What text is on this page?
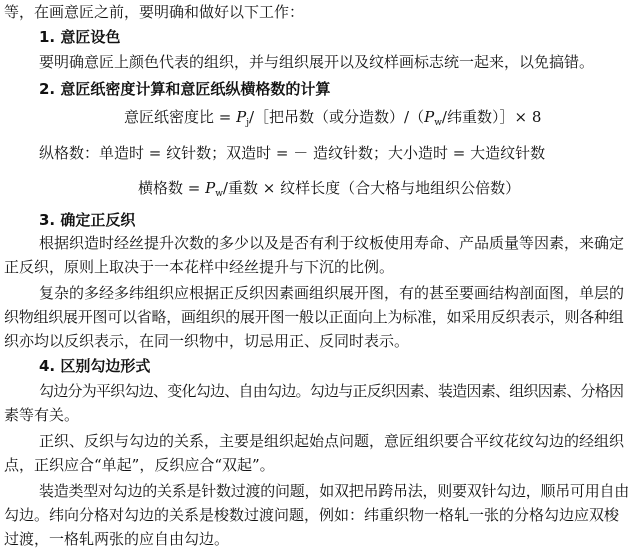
等，在画意匠之前，要明确和做好以下工作：
1. 意匠设色
要明确意匠上颜色代表的组织，并与组织展开以及纹样画标志统一起来，以免搞错。
2. 意匠纸密度计算和意匠纸纵横格数的计算
意匠纸密度比 = $P_j/[$把吊数（或分造数）$/(P_w/$纬重数）］× 8
纵格数：单造时 = 纹针数；双造时 = － 造纹针数；大小造时 = 大造纹针数
横格数 = $P_w/$重数 × 纹样长度（合大格与地组织公倍数）
3. 确定正反织
根据织造时经丝提升次数的多少以及是否有利于纹板使用寿命、产品质量等因素，来确定
正反织，原则上取决于一本花样中经丝提升与下沉的比例。
复杂的多经多纬组织应根据正反织因素画组织展开图，有的甚至要画结构剖面图，单层的
织物组织展开图可以省略，画组织的展开图一般以正面向上为标准，如采用反织表示，则各种组
织亦均以反织表示，在同一织物中，切忌用正、反同时表示。
4. 区别勾边形式
勾边分为平织勾边、变化勾边、自由勾边。勾边与正反织因素、装造因素、组织因素、分格因
素等有关。
正织、反织与勾边的关系，主要是组织起始点问题，意匠组织要合平纹花纹勾边的经组织
点，正织应合“单起”，反织应合“双起”。
装造类型对勾边的关系是针数过渡的问题，如双把吊跨吊法，则要双针勾边，顺吊可用自由
勾边。纬向分格对勾边的关系是梭数过渡问题，例如：纬重织物一格轧一张的分格勾边应双梭
过渡，一格轧两张的应自由勾边。
